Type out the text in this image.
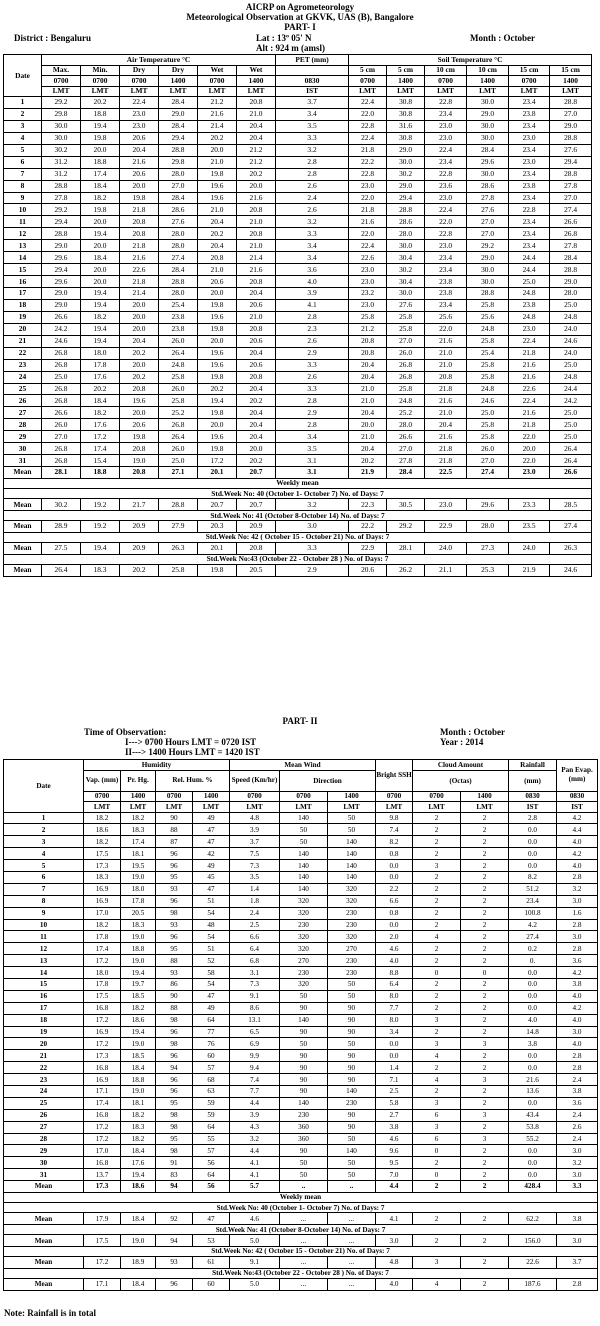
AICRP on Agrometeorology
Meteorological Observation at GKVK, UAS (B), Bangalore
PART- I
District : Bengaluru	Lat : 13º 05' N	Month : October
Alt : 924 m (amsl)
Date	Air Temperature °C						PET (mm)	Soil Temperature °C					
	Max.	Min.	Dry	Dry	Wet	Wet		5 cm	5 cm	10 cm	10 cm	15 cm	15 cm
	0700	0700	0700	1400	0700	1400	0830	0700	1400	0700	1400	0700	1400
	LMT	LMT	LMT	LMT	LMT	LMT	IST	LMT	LMT	LMT	LMT	LMT	LMT
1	29.2	20.2	22.4	28.4	21.2	20.8	3.7	22.4	30.8	22.8	30.0	23.4	28.8
2	29.8	18.8	23.0	29.0	21.6	21.0	3.4	22.0	30.8	23.4	29.0	23.8	27.0
3	30.0	19.4	23.0	28.4	21.4	20.4	3.5	22.8	31.6	23.0	30.0	23.4	29.0
4	30.0	19.8	20.6	29.4	20.2	20.4	3.3	22.4	30.8	23.0	30.0	23.0	28.8
5	30.2	20.0	20.4	28.8	20.0	21.2	3.2	21.8	29.0	22.4	28.4	23.4	27.6
6	31.2	18.8	21.6	29.8	21.0	21.2	2.8	22.2	30.0	23.4	29.6	23.0	29.4
7	31.2	17.4	20.6	28.0	19.8	20.2	2.8	22.8	30.2	22.8	30.0	23.4	28.8
8	28.8	18.4	20.0	27.0	19.6	20.0	2.6	23.0	29.0	23.6	28.6	23.8	27.8
9	27.8	18.2	19.8	28.4	19.6	21.6	2.4	22.0	29.4	23.0	27.8	23.4	27.0
10	29.2	19.8	21.8	28.6	21.0	20.8	2.6	21.8	28.8	22.4	27.6	22.8	27.4
11	29.4	20.0	20.8	27.6	20.4	21.0	3.2	21.6	28.6	22.0	27.0	23.4	26.6
12	28.8	19.4	20.8	28.0	20.2	20.8	3.3	22.0	28.0	22.8	27.0	23.4	26.8
13	29.0	20.0	21.8	28.0	20.4	21.0	3.4	22.4	30.0	23.0	29.2	23.4	27.8
14	29.6	18.4	21.6	27.4	20.8	21.4	3.4	22.6	30.4	23.4	29.0	24.4	28.4
15	29.4	20.0	22.6	28.4	21.0	21.6	3.6	23.0	30.2	23.4	30.0	24.4	28.8
16	29.6	20.0	21.8	28.8	20.6	20.8	4.0	23.0	30.4	23.8	30.0	25.0	29.0
17	29.0	19.4	21.4	28.0	20.0	20.4	3.9	23.2	30.0	23.8	28.8	24.8	28.0
18	29.0	19.4	20.0	25.4	19.8	20.6	4.1	23.0	27.6	23.4	25.8	23.8	25.0
19	26.6	18.2	20.0	23.8	19.6	21.0	2.8	25.8	25.8	25.6	25.6	24.8	24.8
20	24.2	19.4	20.0	23.8	19.8	20.8	2.3	21.2	25.8	22.0	24.8	23.0	24.0
21	24.6	19.4	20.4	26.0	20.0	20.6	2.6	20.8	27.0	21.6	25.8	22.4	24.6
22	26.8	18.0	20.2	26.4	19.6	20.4	2.9	20.8	26.0	21.0	25.4	21.8	24.0
23	26.8	17.8	20.0	24.8	19.6	20.6	3.3	20.4	26.8	21.0	25.8	21.6	25.0
24	25.0	17.6	20.2	25.8	19.8	20.8	2.6	20.4	26.8	20.8	25.8	21.6	24.8
25	26.8	20.2	20.8	26.0	20.2	20.4	3.3	21.0	25.8	21.8	24.8	22.6	24.4
26	26.8	18.4	19.6	25.8	19.4	20.2	2.8	21.0	24.8	21.6	24.6	22.4	24.2
27	26.6	18.2	20.0	25.2	19.8	20.4	2.9	20.4	25.2	21.0	25.0	21.6	25.0
28	26.0	17.6	20.6	26.8	20.0	20.4	2.8	20.0	28.0	20.4	25.8	21.8	25.0
29	27.0	17.2	19.8	26.4	19.6	20.4	3.4	21.0	26.6	21.6	25.8	22.0	25.0
30	26.8	17.4	20.8	26.0	19.8	20.0	3.5	20.4	27.0	21.8	26.0	20.0	26.4
31	26.8	15.4	19.0	25.0	17.2	20.2	3.1	20.2	27.8	21.8	27.0	22.0	26.4
Mean	28.1	18.8	20.8	27.1	20.1	20.7	3.1	21.9	28.4	22.5	27.4	23.0	26.6
Weekly mean													
Std.Week No: 40 (October 1- October 7) No. of Days: 7													
Mean	30.2	19.2	21.7	28.8	20.7	20.7	3.2	22.3	30.5	23.0	29.6	23.3	28.5
Std.Week No: 41 (October 8-October 14) No. of Days: 7													
Mean	28.9	19.2	20.9	27.9	20.3	20.9	3.0	22.2	29.2	22.9	28.0	23.5	27.4
Std.Week No: 42 ( October 15 - October 21) No. of Days: 7													
Mean	27.5	19.4	20.9	26.3	20.1	20.8	3.3	22.9	28.1	24.0	27.3	24.0	26.3
Std.Week No:43 (October 22 - October 28 ) No. of Days: 7													
Mean	26.4	18.3	20.2	25.8	19.8	20.5	2.9	20.6	26.2	21.1	25.3	21.9	24.6
PART- II
Time of Observation:	Month : October
I---> 0700 Hours LMT = 0720 IST	Year : 2014
II---> 1400 Hours LMT = 1420 IST
Date	Humidity				Mean Wind			Bright SSH	Cloud Amount		Rainfall	Pan Evap. (mm)
	Vap. (mm)	Pr. Hg.	Rel. Hum. %		Speed (Km/hr)	Direction			(Octas)		(mm)	
	0700	1400	0700	1400	0700	0700	1400	0700	0700	1400	0830	0830
	LMT	LMT	LMT	LMT	LMT	LMT	LMT	LMT	LMT	LMT	IST	IST
1	18.2	18.2	90	49	4.8	140	50	9.8	2	2	2.8	4.2
2	18.6	18.3	88	47	3.9	50	50	7.4	2	2	0.0	4.4
3	18.2	17.4	87	47	3.7	50	140	8.2	2	2	0.0	4.0
4	17.5	18.1	96	42	7.5	140	140	0.8	2	2	0.0	4.2
5	17.3	19.5	96	49	7.3	140	140	0.0	3	2	0.0	4.0
6	18.3	19.0	95	45	3.5	140	140	0.0	2	2	8.2	2.8
7	16.9	18.0	93	47	1.4	140	320	2.2	2	2	51.2	3.2
8	16.9	17.8	96	51	1.8	320	320	6.6	2	2	23.4	3.0
9	17.0	20.5	98	54	2.4	320	230	0.8	2	2	100.8	1.6
10	18.2	18.3	93	48	2.5	230	230	0.0	2	2	4.2	2.8
11	17.8	19.0	96	54	6.6	320	320	2.0	4	2	27.4	3.0
12	17.4	18.8	95	51	6.4	320	270	4.6	2	2	0.2	2.8
13	17.2	19.0	88	52	6.8	270	230	4.0	2	2	0.	3.6
14	18.0	19.4	93	58	3.1	230	230	8.8	0	0	0.0	4.2
15	17.8	19.7	86	54	7.3	320	50	6.4	2	2	0.0	3.8
16	17.5	18.5	90	47	9.1	50	50	8.0	2	2	0.0	4.0
17	16.8	18.2	88	49	8.6	90	90	7.7	2	2	0.0	4.2
18	17.2	18.6	98	64	13.1	140	90	8.0	3	2	4.0	4.0
19	16.9	19.4	96	77	6.5	90	90	3.4	2	2	14.8	3.0
20	17.2	19.0	98	76	6.9	50	50	0.0	3	3	3.8	4.0
21	17.3	18.5	96	60	9.9	90	90	0.0	4	2	0.0	2.8
22	16.8	18.4	94	57	9.4	90	90	1.4	2	2	0.0	2.8
23	16.9	18.8	96	68	7.4	90	90	7.1	4	3	21.6	2.4
24	17.1	19.0	96	63	7.7	90	140	2.5	2	2	13.6	3.8
25	17.4	18.1	95	59	4.4	140	230	5.8	3	2	0.0	3.6
26	16.8	18.2	98	59	3.9	230	90	2.7	6	3	43.4	2.4
27	17.2	18.3	98	64	4.3	360	90	3.8	3	2	53.8	2.6
28	17.2	18.2	95	55	3.2	360	50	4.6	6	3	55.2	2.4
29	17.0	18.4	98	57	4.4	90	140	9.6	0	2	0.0	3.0
30	16.8	17.6	91	56	4.1	50	50	9.5	2	2	0.0	3.2
31	13.7	19.4	83	64	4.1	50	50	7.0	0	2	0.0	3.0
Mean	17.3	18.6	94	56	5.7	..	..	4.4	2	2	428.4	3.3
Weekly mean												
Std.Week No: 40 (October 1- October 7) No. of Days: 7												
Mean	17.9	18.4	92	47	4.6	...	...	4.1	2	2	62.2	3.8
Std.Week No: 41 (October 8-October 14) No. of Days: 7												
Mean	17.5	19.0	94	53	5.0	...	...	3.0	2	2	156.0	3.0
Std.Week No: 42 ( October 15 - October 21) No. of Days: 7												
Mean	17.2	18.9	93	61	9.1	...	...	4.8	3	2	22.6	3.7
Std.Week No:43 (October 22 - October 28 ) No. of Days: 7												
Mean	17.1	18.4	96	60	5.0	...	...	4.0	4	2	187.6	2.8
Note: Rainfall is in total
